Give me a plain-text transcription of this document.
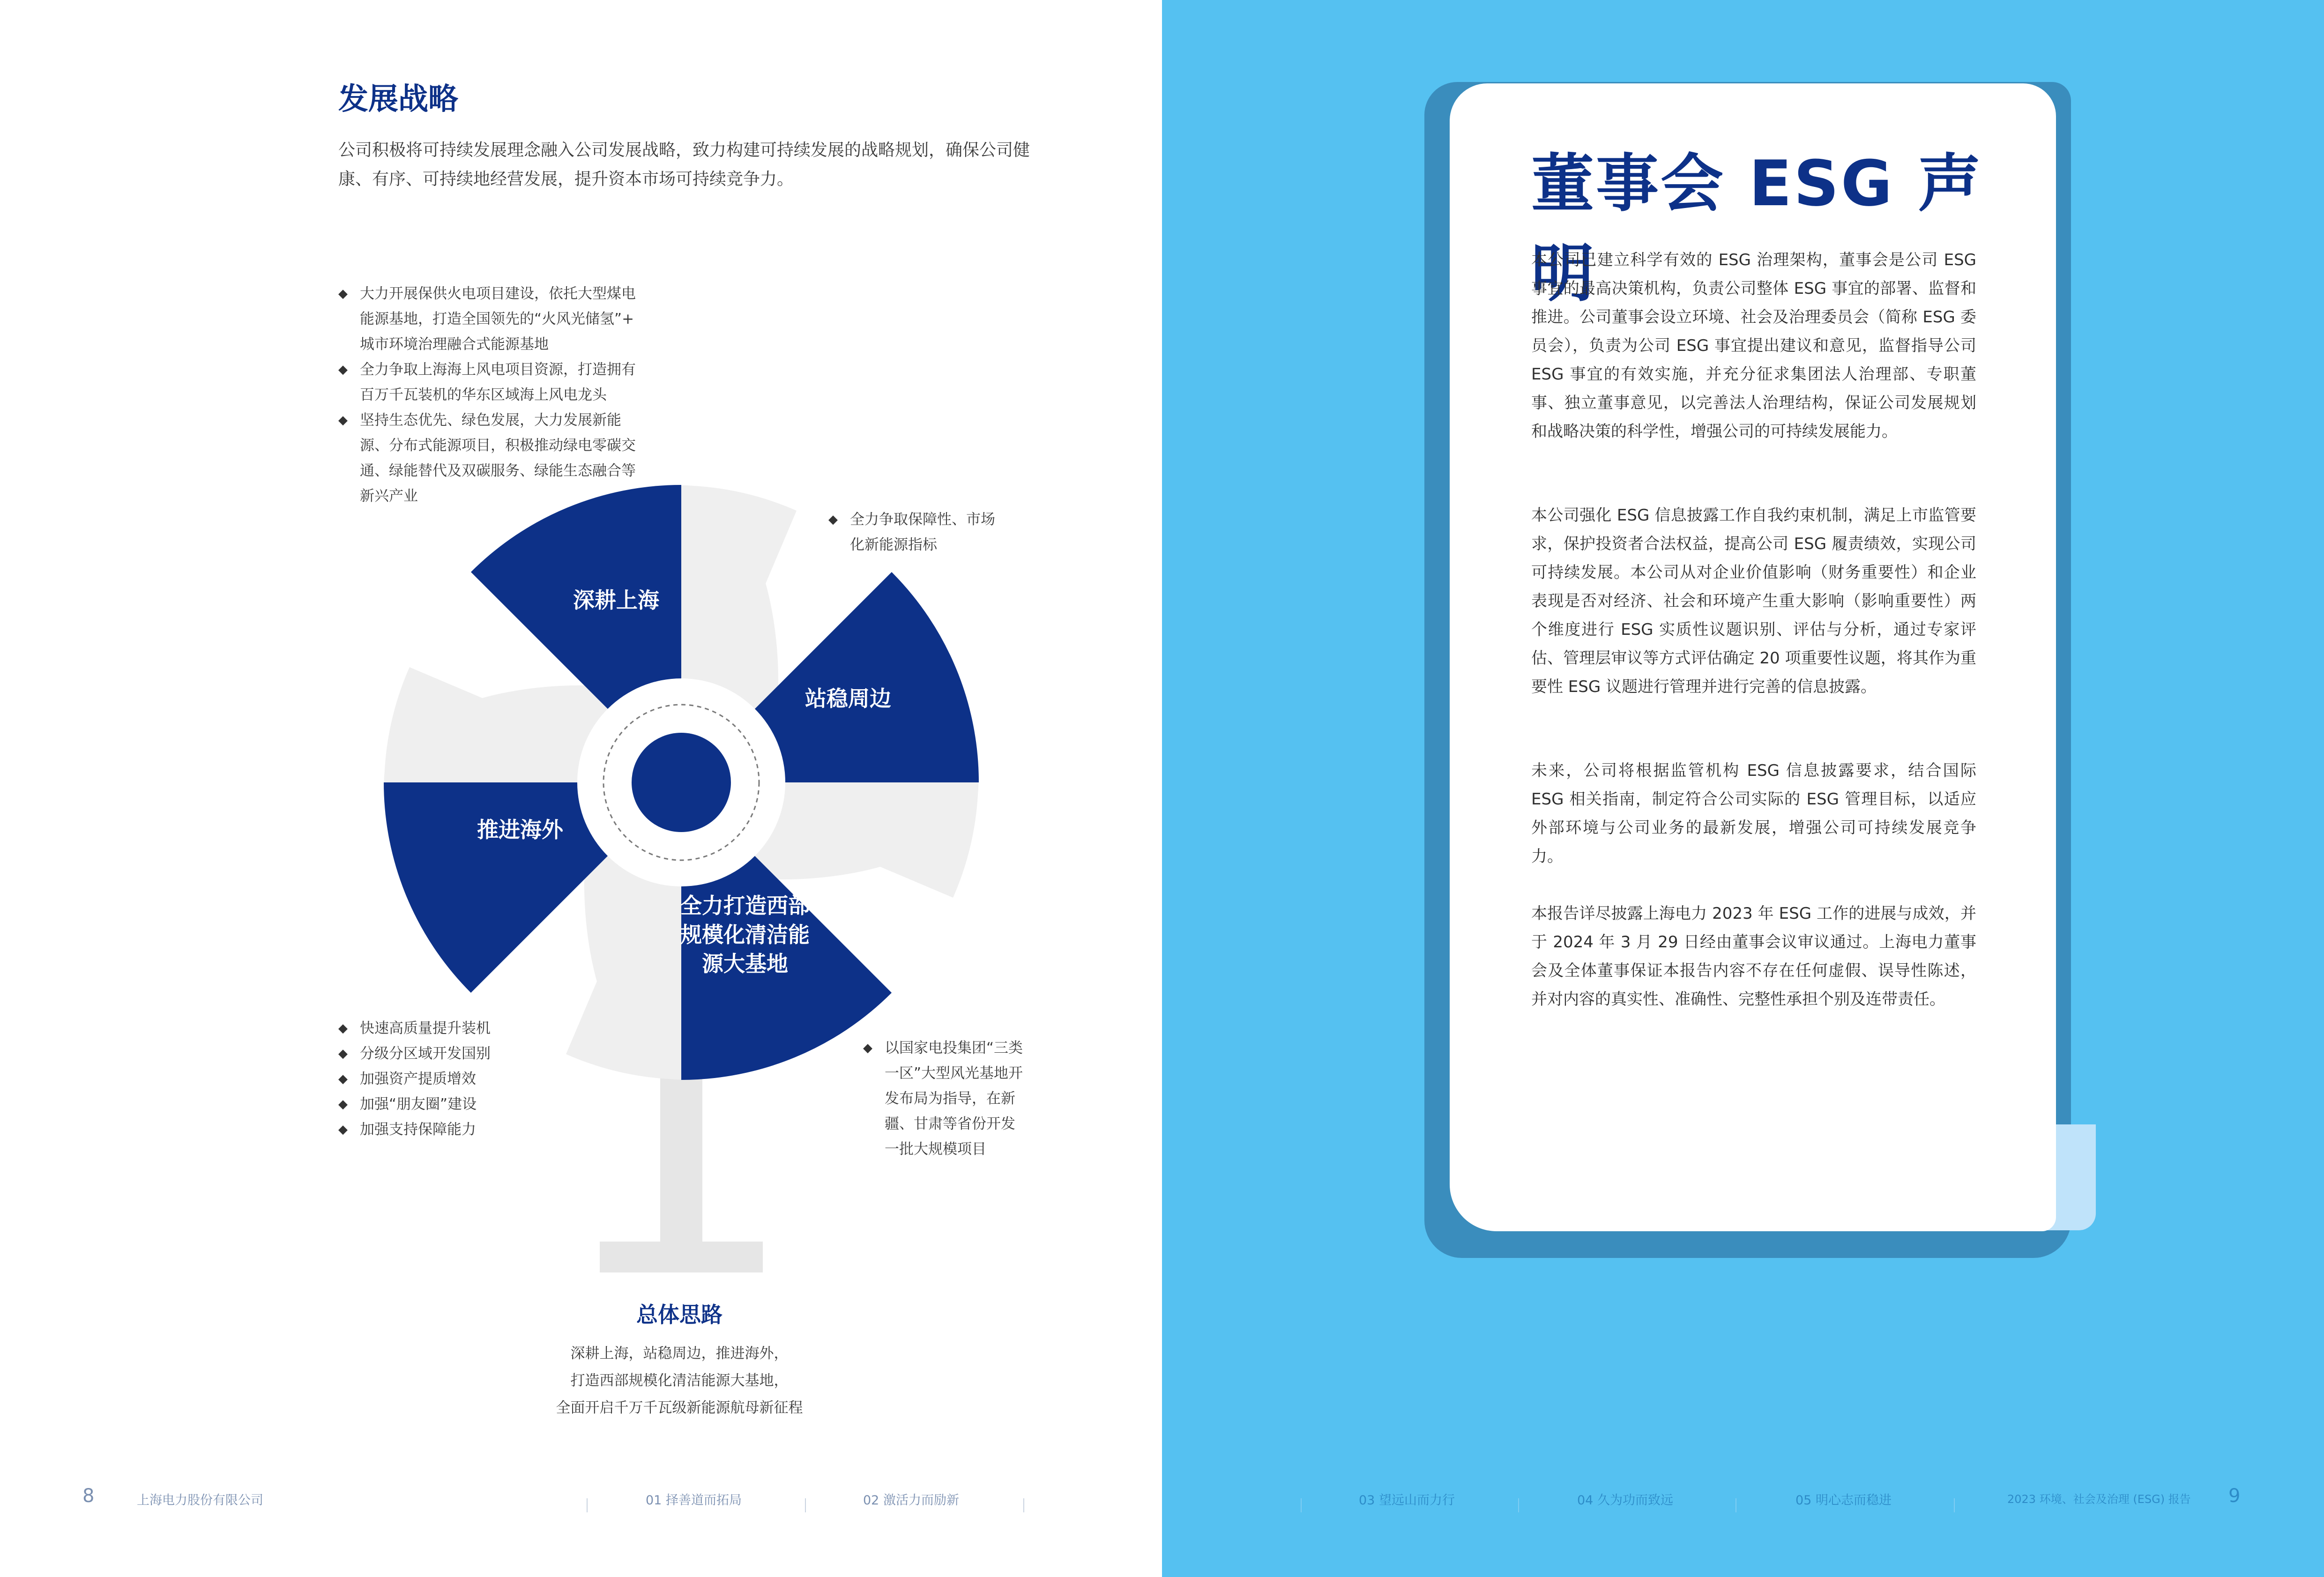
发展战略
公司积极将可持续发展理念融入公司发展战略，致力构建可持续发展的战略规划，确保公司健康、有序、可持续地经营发展，提升资本市场可持续竞争力。
◆ 大力开展保供火电项目建设，依托大型煤电能源基地，打造全国领先的“火风光储氢”+ 城市环境治理融合式能源基地
◆ 全力争取上海海上风电项目资源，打造拥有百万千瓦装机的华东区域海上风电龙头
◆ 坚持生态优先、绿色发展，大力发展新能源、分布式能源项目，积极推动绿电零碳交通、绿能替代及双碳服务、绿能生态融合等新兴产业
◆ 全力争取保障性、市场化新能源指标
◆ 快速高质量提升装机
◆ 分级分区域开发国别
◆ 加强资产提质增效
◆ 加强“朋友圈”建设
◆ 加强支持保障能力
◆ 以国家电投集团“三类一区”大型风光基地开发布局为指导，在新疆、甘肃等省份开发一批大规模项目
深耕上海
站稳周边
推进海外
全力打造西部规模化清洁能源大基地
总体思路
深耕上海，站稳周边，推进海外，
打造西部规模化清洁能源大基地，
全面开启千万千瓦级新能源航母新征程
8	上海电力股份有限公司	01 择善道而拓局	02 激活力而励新
董事会 ESG 声明
本公司已建立科学有效的 ESG 治理架构，董事会是公司 ESG 事宜的最高决策机构，负责公司整体 ESG 事宜的部署、监督和推进。公司董事会设立环境、社会及治理委员会（简称 ESG 委员会），负责为公司 ESG 事宜提出建议和意见，监督指导公司 ESG 事宜的有效实施，并充分征求集团法人治理部、专职董事、独立董事意见，以完善法人治理结构，保证公司发展规划和战略决策的科学性，增强公司的可持续发展能力。
本公司强化 ESG 信息披露工作自我约束机制，满足上市监管要求，保护投资者合法权益，提高公司 ESG 履责绩效，实现公司可持续发展。本公司从对企业价值影响（财务重要性）和企业表现是否对经济、社会和环境产生重大影响（影响重要性）两个维度进行 ESG 实质性议题识别、评估与分析，通过专家评估、管理层审议等方式评估确定 20 项重要性议题，将其作为重要性 ESG 议题进行管理并进行完善的信息披露。
未来，公司将根据监管机构 ESG 信息披露要求，结合国际 ESG 相关指南，制定符合公司实际的 ESG 管理目标，以适应外部环境与公司业务的最新发展，增强公司可持续发展竞争力。
本报告详尽披露上海电力 2023 年 ESG 工作的进展与成效，并于 2024 年 3 月 29 日经由董事会议审议通过。上海电力董事会及全体董事保证本报告内容不存在任何虚假、误导性陈述，并对内容的真实性、准确性、完整性承担个别及连带责任。
03 望远山而力行	04 久为功而致远	05 明心志而稳进	2023 环境、社会及治理 (ESG) 报告 9
